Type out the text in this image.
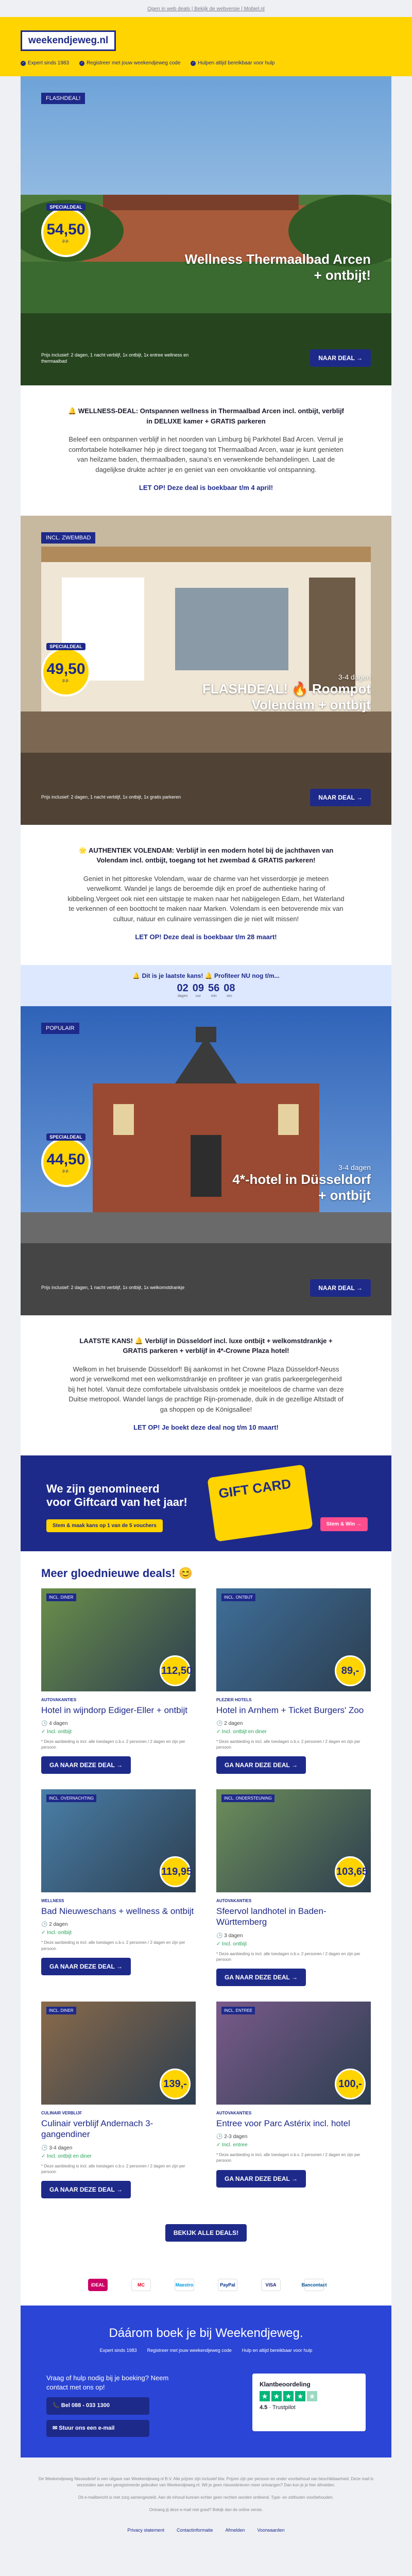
Open in web deals | Bekijk de webversie | Mobiel.nl
weekendjeweg.nl
✓ Expert sinds 1983	✓ Registreer met jouw weekendjeweg code	✓ Hulpen altijd bereikbaar voor hulp
FLASHDEAL!
SPECIALDEAL
54,50
p.p.
Wellness Thermaalbad Arcen
+ ontbijt!
Prijs inclusief: 2 dagen, 1 nacht verblijf, 1x ontbijt, 1x entree wellness en thermaalbad	NAAR DEAL →

🔔 WELLNESS-DEAL: Ontspannen wellness in Thermaalbad Arcen incl. ontbijt, verblijf in DELUXE kamer + GRATIS parkeren

Beleef een ontspannen verblijf in het noorden van Limburg bij Parkhotel Bad Arcen. Verruil je comfortabele hotelkamer hép je direct toegang tot Thermaalbad Arcen, waar je kunt genieten van heilzame baden, thermaalbaden, sauna's en verwenkende behandelingen. Laat de dagelijkse drukte achter je en geniet van een onvokkantie vol ontspanning.

LET OP! Deze deal is boekbaar t/m 4 april!

INCL. ZWEMBAD
SPECIALDEAL
49,50
p.p.	3-4 dagen
FLASHDEAL! 🔥 Roompot
Volendam + ontbijt
Prijs inclusief: 2 dagen, 1 nacht verblijf, 1x ontbijt, 1x gratis parkeren	NAAR DEAL →

🌟 AUTHENTIEK VOLENDAM: Verblijf in een modern hotel bij de jachthaven van Volendam incl. ontbijt, toegang tot het zwembad & GRATIS parkeren!

Geniet in het pittoreske Volendam, waar de charme van het visserdorpje je meteen verwelkomt. Wandel je langs de beroemde dijk en proef de authentieke haring of kibbeling.Vergeet ook niet een uitstapje te maken naar het nabijgelegen Edam, het Waterland te verkennen of een boottocht te maken naar Marken. Volendam is een betoverende mix van cultuur, natuur en culinaire verrassingen die je niet wilt missen!

LET OP! Deze deal is boekbaar t/m 28 maart!

🔔 Dit is je laatste kans! 🔔 Profiteer NU nog t/m...
02
dagen
09
uur
56
min
08
sec
POPULAIR
SPECIALDEAL
44,50
p.p.	3-4 dagen
4*-hotel in Düsseldorf
+ ontbijt
Prijs inclusief: 2 dagen, 1 nacht verblijf, 1x ontbijt, 1x welkomstdrankje	NAAR DEAL →

LAATSTE KANS! 🔔 Verblijf in Düsseldorf incl. luxe ontbijt + welkomstdrankje + GRATIS parkeren + verblijf in 4*-Crowne Plaza hotel!

Welkom in het bruisende Düsseldorf! Bij aankomst in het Crowne Plaza Düsseldorf-Neuss word je verwelkomd met een welkomstdrankje en profiteer je van gratis parkeergelegenheid bij het hotel. Vanuit deze comfortabele uitvalsbasis ontdek je moeiteloos de charme van deze Duitse metropool. Wandel langs de prachtige Rijn-promenade, duik in de gezellige Altstadt of ga shoppen op de Königsallee!

LET OP! Je boekt deze deal nog t/m 10 maart!

We zijn genomineerd
voor Giftcard van het jaar!
Stem & maak kans op 1 van de 5 vouchers
GIFT CARD
Stem & Win →
Meer gloednieuwe deals! 😊
INCL. DINER
112,50
AUTOVAKANTIES
Hotel in wijndorp Ediger-Eller + ontbijt
🕒 4 dagen
✓ Incl. ontbijt
* Deze aanbieding is incl. alle toeslagen o.b.v. 2 personen / 2 dagen en zijn per persoon
GA NAAR DEZE DEAL →
INCL. ONTBIJT
89,-
PLEZIER HOTELS
Hotel in Arnhem + Ticket Burgers' Zoo
🕒 2 dagen
✓ Incl. ontbijt en diner
* Deze aanbieding is incl. alle toeslagen o.b.v. 2 personen / 2 dagen en zijn per persoon
GA NAAR DEZE DEAL →
INCL. OVERNACHTING
119,95
WELLNESS
Bad Nieuweschans + wellness & ontbijt
🕒 2 dagen
✓ Incl. ontbijt
* Deze aanbieding is incl. alle toeslagen o.b.v. 2 personen / 2 dagen en zijn per persoon
GA NAAR DEZE DEAL →
INCL. ONDERSTEUNING
103,65
AUTOVAKANTIES
Sfeervol landhotel in Baden-Württemberg
🕒 3 dagen
✓ Incl. ontbijt
* Deze aanbieding is incl. alle toeslagen o.b.v. 2 personen / 2 dagen en zijn per persoon
GA NAAR DEZE DEAL →
INCL. DINER
139,-
CULINAIR VERBLIJF
Culinair verblijf Andernach 3-gangendiner
🕒 3-4 dagen
✓ Incl. ontbijt en diner
* Deze aanbieding is incl. alle toeslagen o.b.v. 2 personen / 2 dagen en zijn per persoon
GA NAAR DEZE DEAL →
INCL. ENTREE
100,-
AUTOVAKANTIES
Entree voor Parc Astérix incl. hotel
🕒 2-3 dagen
✓ Incl. entree
* Deze aanbieding is incl. alle toeslagen o.b.v. 2 personen / 2 dagen en zijn per persoon
GA NAAR DEZE DEAL →
BEKIJK ALLE DEALS!
iDEAL	MC	Maestro	PayPal	VISA	Bancontact
Dáárom boek je bij Weekendjeweg.
Expert sinds 1983 Registreer met jouw weekendjeweg code Hulp en altijd bereikbaar voor hulp
Vraag of hulp nodig bij je boeking? Neem contact met ons op!
📞 Bel 088 - 033 1300
✉ Stuur ons een e-mail
Klantbeoordeling
★ ★ ★ ★ ★
4.5 · Trustpilot

De Weekendjeweg Nieuwsbrief is een uitgave van Weekendjeweg.nl B.V. Alle prijzen zijn inclusief btw. Prijzen zijn per persoon en onder voorbehoud van beschikbaarheid. Deze mail is verzonden aan een geregistreerde gebruiker van Weekendjeweg.nl. Wil je geen nieuwsbrieven meer ontvangen? Dan kun je je hier afmelden.

Dit e-mailbericht is met zorg samengesteld. Aan de inhoud kunnen echter geen rechten worden ontleend. Type- en zetfouten voorbehouden.

Ontvang jij deze e-mail niet goed? Bekijk dan de online versie.

Privacy statement	Contactinformatie	Afmelden	Voorwaarden
